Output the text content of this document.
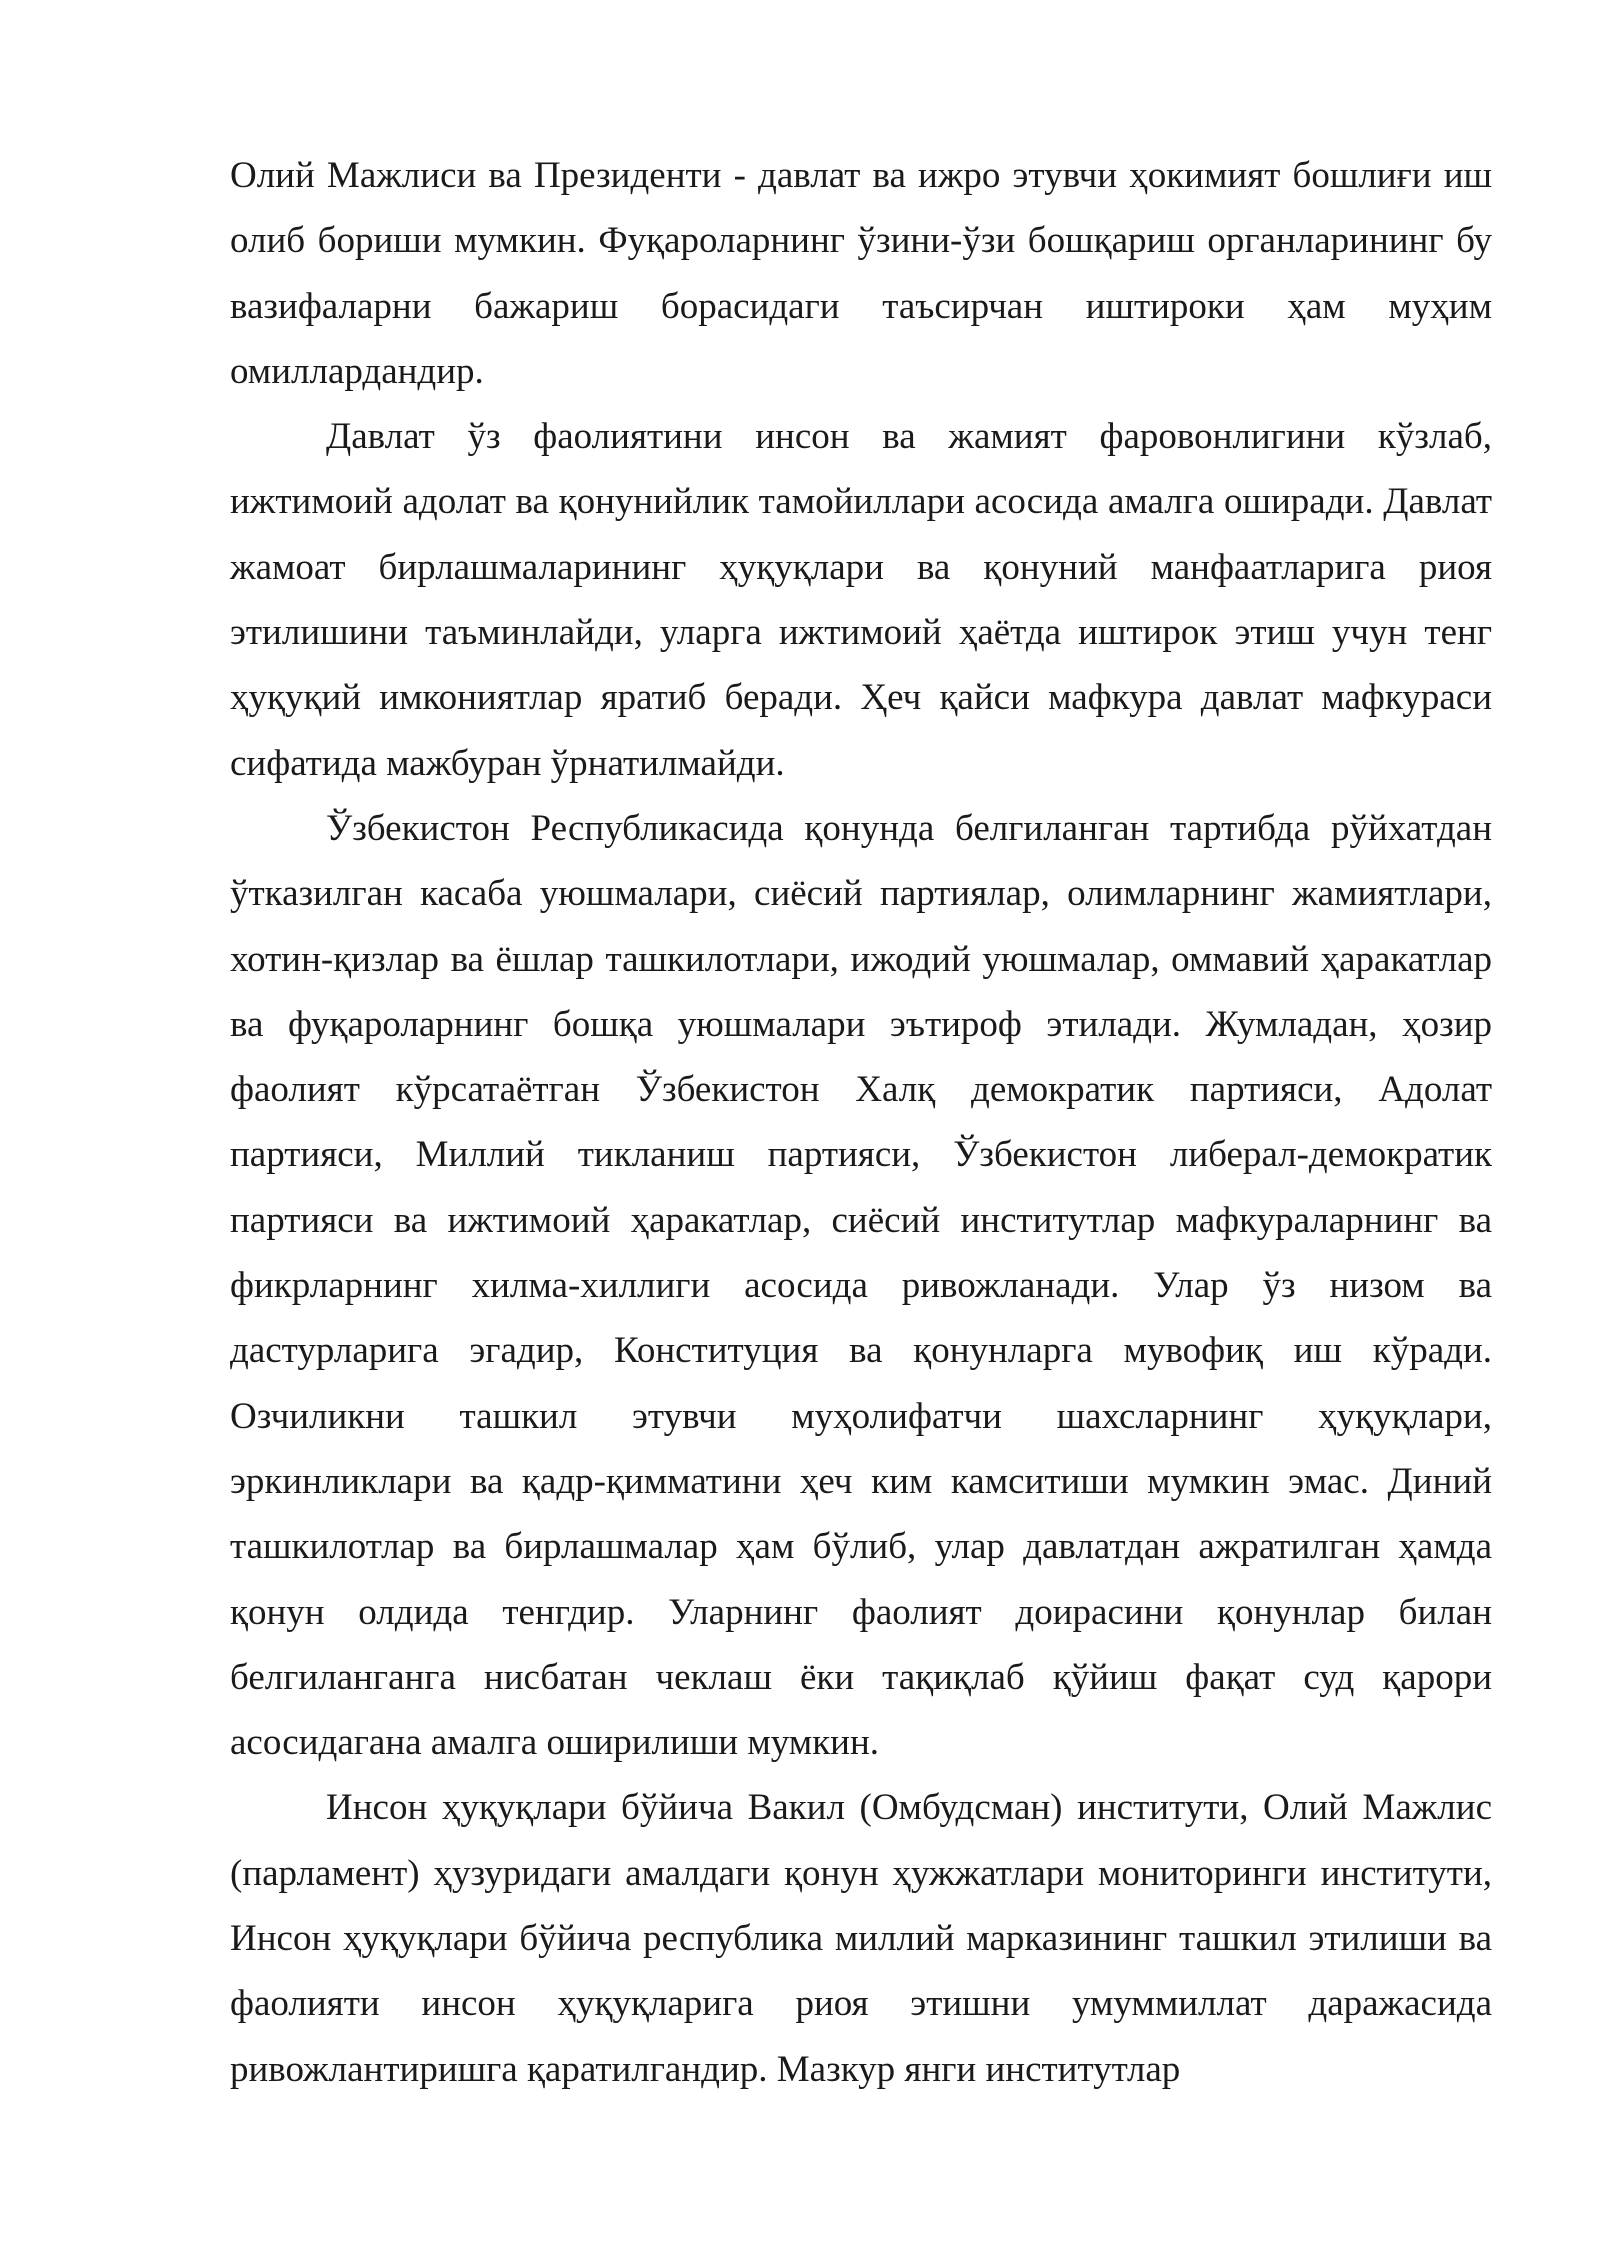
Олий Мажлиси ва Президенти - давлат ва ижро этувчи ҳокимият бошлиғи иш олиб бориши мумкин. Фуқароларнинг ўзини-ўзи бошқариш органларининг бу вазифаларни бажариш борасидаги таъсирчан иштироки ҳам муҳим омиллардандир.

Давлат ўз фаолиятини инсон ва жамият фаровонлигини кўзлаб, ижтимоий адолат ва қонунийлик тамойиллари асосида амалга оширади. Давлат жамоат бирлашмаларининг ҳуқуқлари ва қонуний манфаатларига риоя этилишини таъминлайди, уларга ижтимоий ҳаётда иштирок этиш учун тенг ҳуқуқий имкониятлар яратиб беради. Ҳеч қайси мафкура давлат мафкураси сифатида мажбуран ўрнатилмайди.

Ўзбекистон Республикасида қонунда белгиланган тартибда рўйхатдан ўтказилган касаба уюшмалари, сиёсий партиялар, олимларнинг жамиятлари, хотин-қизлар ва ёшлар ташкилотлари, ижодий уюшмалар, оммавий ҳаракатлар ва фуқароларнинг бошқа уюшмалари эътироф этилади. Жумладан, ҳозир фаолият кўрсатаётган Ўзбекистон Халқ демократик партияси, Адолат партияси, Миллий тикланиш партияси, Ўзбекистон либерал-демократик партияси ва ижтимоий ҳаракатлар, сиёсий институтлар мафкураларнинг ва фикрларнинг хилма-хиллиги асосида ривожланади. Улар ўз низом ва дастурларига эгадир, Конституция ва қонунларга мувофиқ иш кўради. Озчиликни ташкил этувчи муҳолифатчи шахсларнинг ҳуқуқлари, эркинликлари ва қадр-қимматини ҳеч ким камситиши мумкин эмас. Диний ташкилотлар ва бирлашмалар ҳам бўлиб, улар давлатдан ажратилган ҳамда қонун олдида тенгдир. Уларнинг фаолият доирасини қонунлар билан белгиланганга нисбатан чеклаш ёки тақиқлаб қўйиш фақат суд қарори асосидагана амалга оширилиши мумкин.

Инсон ҳуқуқлари бўйича Вакил (Омбудсман) институти, Олий Мажлис (парламент) ҳузуридаги амалдаги қонун ҳужжатлари мониторинги институти, Инсон ҳуқуқлари бўйича республика миллий марказининг ташкил этилиши ва фаолияти инсон ҳуқуқларига риоя этишни умуммиллат даражасида ривожлантиришга қаратилгандир. Мазкур янги институтлар
